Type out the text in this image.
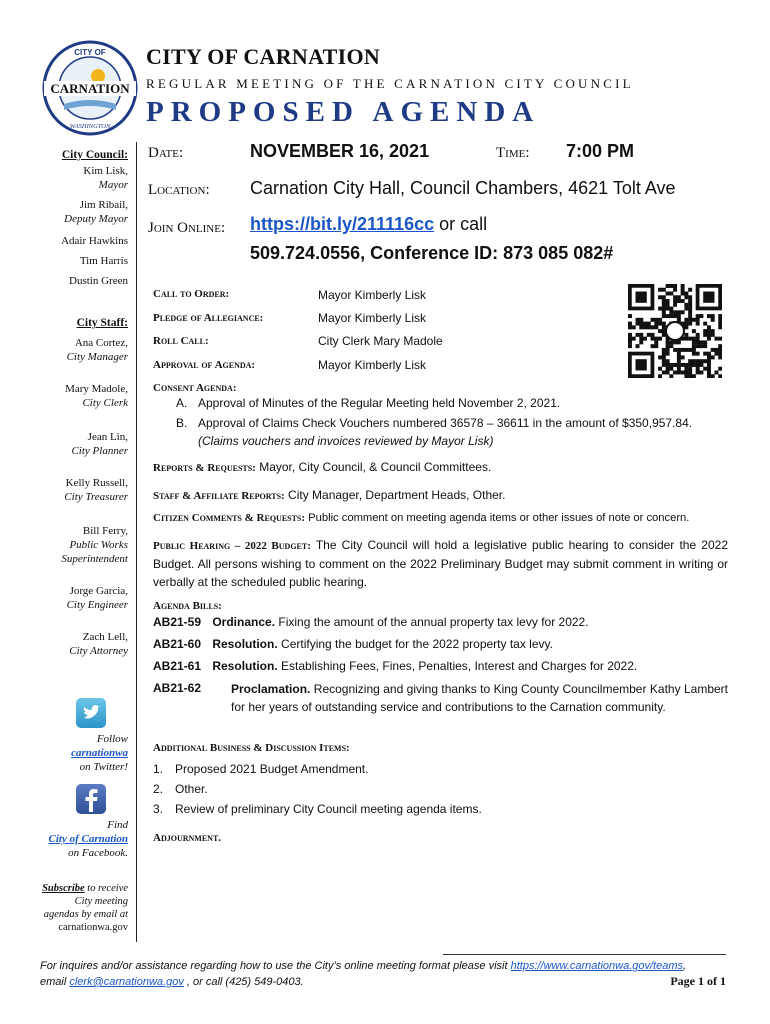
CARNATION
CITY OF
WASHINGTON
CITY OF CARNATION
REGULAR MEETING OF THE CARNATION CITY COUNCIL
PROPOSED AGENDA
City Council:
Kim Lisk,
Mayor
Jim Ribail,
Deputy Mayor
Adair Hawkins
Tim Harris
Dustin Green
City Staff:
Ana Cortez,
City Manager
Mary Madole,
City Clerk
Jean Lin,
City Planner
Kelly Russell,
City Treasurer
Bill Ferry,
Public Works Superintendent
Jorge Garcia,
City Engineer
Zach Lell,
City Attorney
Follow
carnationwa
on Twitter!
Find
City of Carnation
on Facebook.
Subscribe to receive City meeting agendas by email at
carnationwa.gov
Date:	NOVEMBER 16, 2021	Time: 7:00 PM
Location: Carnation City Hall, Council Chambers, 4621 Tolt Ave
Join Online: https://bit.ly/211116cc or call
509.724.0556, Conference ID: 873 085 082#
Call to Order:	Mayor Kimberly Lisk
Pledge of Allegiance:	Mayor Kimberly Lisk
Roll Call:	City Clerk Mary Madole
Approval of Agenda:	Mayor Kimberly Lisk
Consent Agenda:
A. Approval of Minutes of the Regular Meeting held November 2, 2021.
B. Approval of Claims Check Vouchers numbered 36578 – 36611 in the amount of $350,957.84.
(Claims vouchers and invoices reviewed by Mayor Lisk)
Reports & Requests: Mayor, City Council, & Council Committees.
Staff & Affiliate Reports: City Manager, Department Heads, Other.
Citizen Comments & Requests: Public comment on meeting agenda items or other issues of note or concern.
Public Hearing – 2022 Budget: The City Council will hold a legislative public hearing to consider the 2022 Budget. All persons wishing to comment on the 2022 Preliminary Budget may submit comment in writing or verbally at the scheduled public hearing.
Agenda Bills:
AB21-59 Ordinance. Fixing the amount of the annual property tax levy for 2022.
AB21-60 Resolution. Certifying the budget for the 2022 property tax levy.
AB21-61 Resolution. Establishing Fees, Fines, Penalties, Interest and Charges for 2022.
AB21-62	Proclamation. Recognizing and giving thanks to King County Councilmember Kathy Lambert for her years of outstanding service and contributions to the Carnation community.
Additional Business & Discussion Items:
1. Proposed 2021 Budget Amendment.
2. Other.
3. Review of preliminary City Council meeting agenda items.
Adjournment.
For inquires and/or assistance regarding how to use the City’s online meeting format please visit https://www.carnationwa.gov/teams,
email clerk@carnationwa.gov , or call (425) 549-0403.	Page 1 of 1
